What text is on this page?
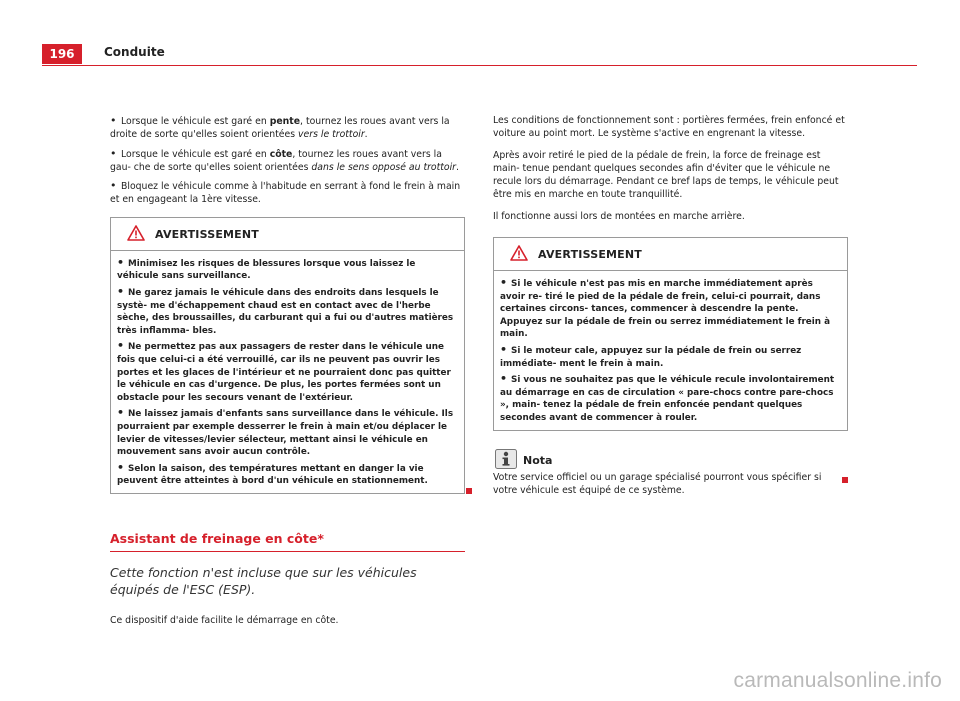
196	Conduite

• Lorsque le véhicule est garé en pente, tournez les roues avant vers la droite de sorte qu'elles soient orientées vers le trottoir.

• Lorsque le véhicule est garé en côte, tournez les roues avant vers la gau- che de sorte qu'elles soient orientées dans le sens opposé au trottoir.

• Bloquez le véhicule comme à l'habitude en serrant à fond le frein à main et en engageant la 1ère vitesse.

AVERTISSEMENT

• Minimisez les risques de blessures lorsque vous laissez le véhicule sans surveillance.

• Ne garez jamais le véhicule dans des endroits dans lesquels le systè- me d'échappement chaud est en contact avec de l'herbe sèche, des broussailles, du carburant qui a fui ou d'autres matières très inflamma- bles.

• Ne permettez pas aux passagers de rester dans le véhicule une fois que celui-ci a été verrouillé, car ils ne peuvent pas ouvrir les portes et les glaces de l'intérieur et ne pourraient donc pas quitter le véhicule en cas d'urgence. De plus, les portes fermées sont un obstacle pour les secours venant de l'extérieur.

• Ne laissez jamais d'enfants sans surveillance dans le véhicule. Ils pourraient par exemple desserrer le frein à main et/ou déplacer le levier de vitesses/levier sélecteur, mettant ainsi le véhicule en mouvement sans avoir aucun contrôle.

• Selon la saison, des températures mettant en danger la vie peuvent être atteintes à bord d'un véhicule en stationnement.

Assistant de freinage en côte*
Cette fonction n'est incluse que sur les véhicules équipés de l'ESC (ESP).

Ce dispositif d'aide facilite le démarrage en côte.

Les conditions de fonctionnement sont : portières fermées, frein enfoncé et voiture au point mort. Le système s'active en engrenant la vitesse.

Après avoir retiré le pied de la pédale de frein, la force de freinage est main- tenue pendant quelques secondes afin d'éviter que le véhicule ne recule lors du démarrage. Pendant ce bref laps de temps, le véhicule peut être mis en marche en toute tranquillité.

Il fonctionne aussi lors de montées en marche arrière.

AVERTISSEMENT

• Si le véhicule n'est pas mis en marche immédiatement après avoir re- tiré le pied de la pédale de frein, celui-ci pourrait, dans certaines circons- tances, commencer à descendre la pente. Appuyez sur la pédale de frein ou serrez immédiatement le frein à main.

• Si le moteur cale, appuyez sur la pédale de frein ou serrez immédiate- ment le frein à main.

• Si vous ne souhaitez pas que le véhicule recule involontairement au démarrage en cas de circulation « pare-chocs contre pare-chocs », main- tenez la pédale de frein enfoncée pendant quelques secondes avant de commencer à rouler.

Nota

Votre service officiel ou un garage spécialisé pourront vous spécifier si votre véhicule est équipé de ce système.

carmanualsonline.info
